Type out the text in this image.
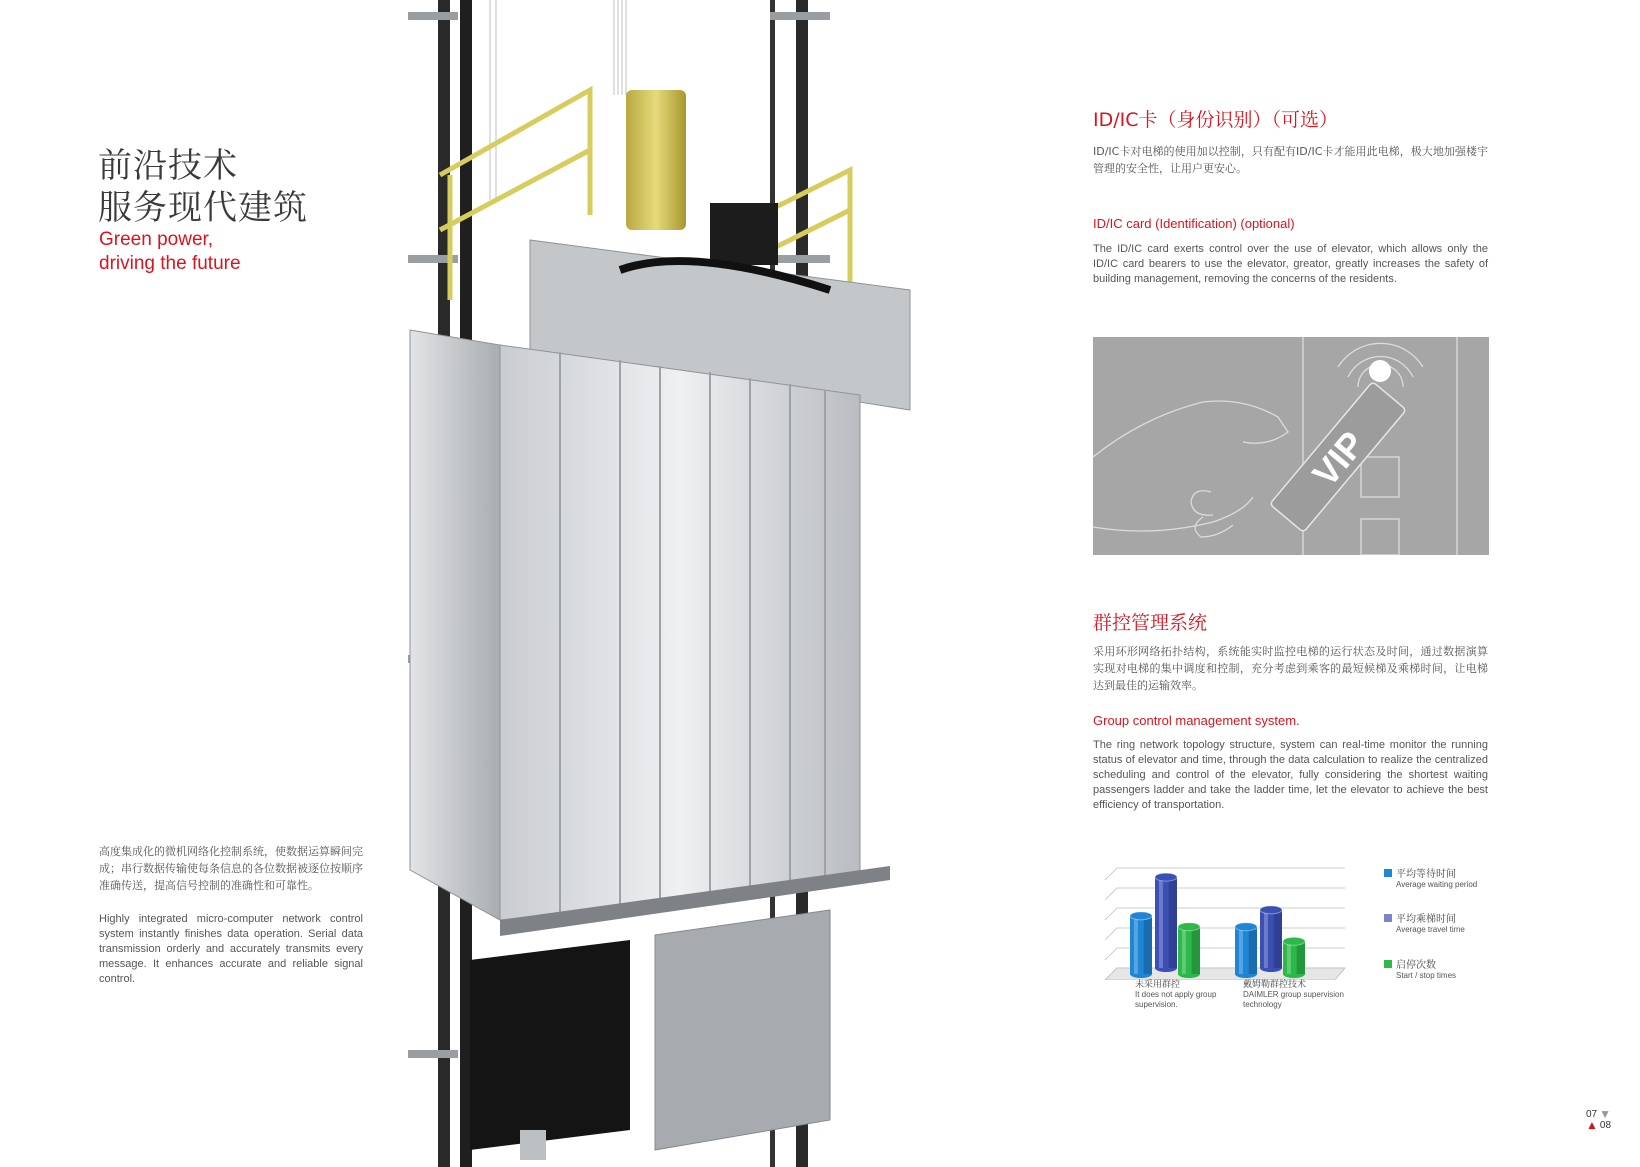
前沿技术
服务现代建筑
Green power,
driving the future
高度集成化的微机网络化控制系统，使数据运算瞬间完成；串行数据传输使每条信息的各位数据被逐位按顺序准确传送，提高信号控制的准确性和可靠性。
Highly integrated micro-computer network control system instantly finishes data operation. Serial data transmission orderly and accurately transmits every message. It enhances accurate and reliable signal control.
ID/IC卡（身份识别）（可选）
ID/IC卡对电梯的使用加以控制，只有配有ID/IC卡才能用此电梯，极大地加强楼宇管理的安全性，让用户更安心。
ID/IC card (Identification) (optional)
The ID/IC card exerts control over the use of elevator, which allows only the ID/IC card bearers to use the elevator, greator, greatly increases the safety of building management, removing the concerns of the residents.
VIP
群控管理系统
采用环形网络拓扑结构，系统能实时监控电梯的运行状态及时间，通过数据演算实现对电梯的集中调度和控制，充分考虑到乘客的最短候梯及乘梯时间，让电梯达到最佳的运输效率。
Group control management system.
The ring network topology structure, system can real-time monitor the running status of elevator and time, through the data calculation to realize the centralized scheduling and control of the elevator, fully considering the shortest waiting passengers ladder and take the ladder time, let the elevator to achieve the best efficiency of transportation.
未采用群控
It does not apply group supervision.
戴姆勒群控技术
DAIMLER group supervision technology
平均等待时间
Average waiting period
平均乘梯时间
Average travel time
启停次数
Start / stop times
07 ▼
▲ 08
